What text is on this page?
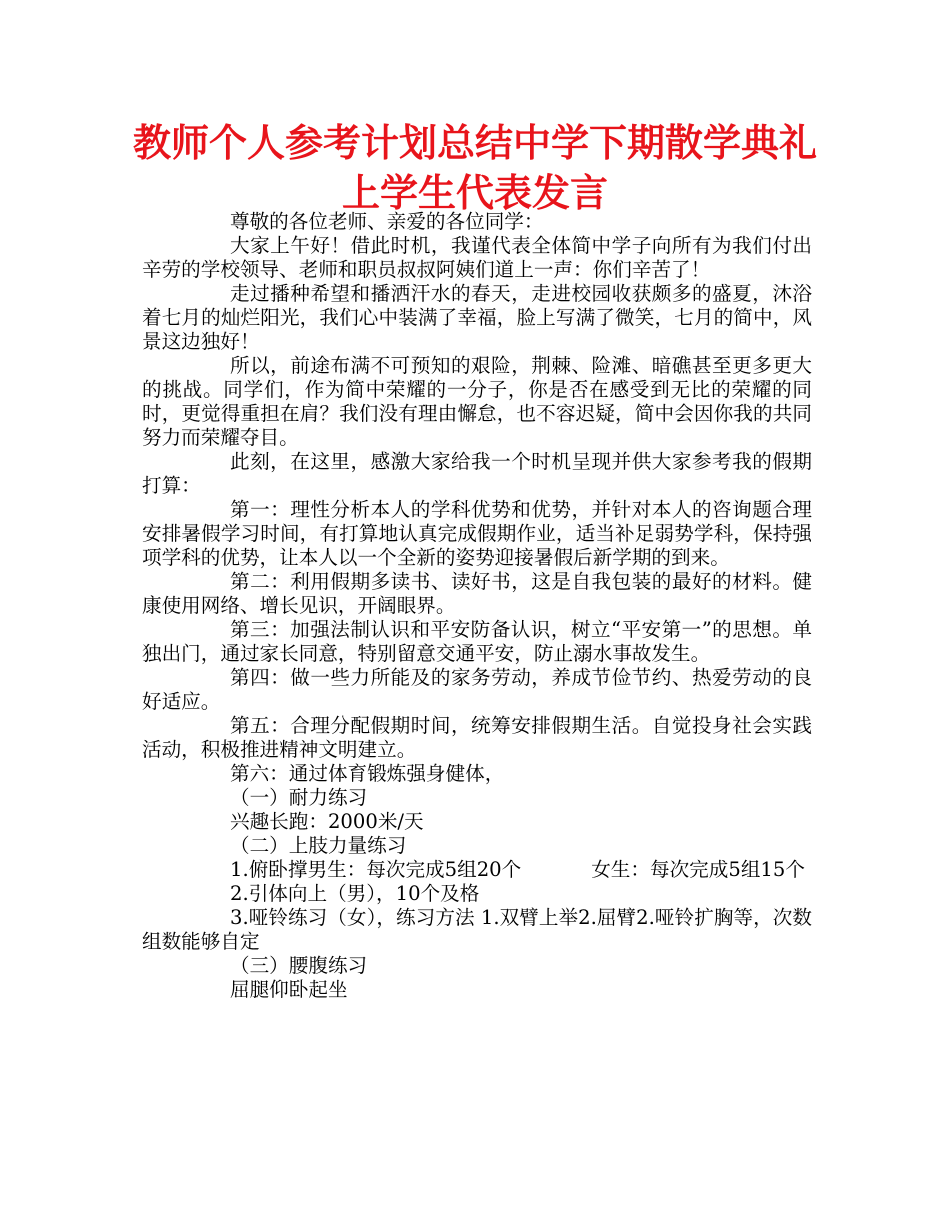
教师个人参考计划总结中学下期散学典礼
上学生代表发言

尊敬的各位老师、亲爱的各位同学：

大家上午好！借此时机，我谨代表全体简中学子向所有为我们付出辛劳的学校领导、老师和职员叔叔阿姨们道上一声：你们辛苦了！

走过播种希望和播洒汗水的春天，走进校园收获颇多的盛夏，沐浴着七月的灿烂阳光，我们心中装满了幸福，脸上写满了微笑，七月的简中，风景这边独好！

所以，前途布满不可预知的艰险，荆棘、险滩、暗礁甚至更多更大的挑战。同学们，作为简中荣耀的一分子，你是否在感受到无比的荣耀的同时，更觉得重担在肩？我们没有理由懈怠，也不容迟疑，简中会因你我的共同努力而荣耀夺目。

此刻，在这里，感激大家给我一个时机呈现并供大家参考我的假期打算：

第一：理性分析本人的学科优势和优势，并针对本人的咨询题合理安排暑假学习时间，有打算地认真完成假期作业，适当补足弱势学科，保持强项学科的优势，让本人以一个全新的姿势迎接暑假后新学期的到来。

第二：利用假期多读书、读好书，这是自我包装的最好的材料。健康使用网络、增长见识，开阔眼界。

第三：加强法制认识和平安防备认识，树立“平安第一”的思想。单独出门，通过家长同意，特别留意交通平安，防止溺水事故发生。

第四：做一些力所能及的家务劳动，养成节俭节约、热爱劳动的良好适应。

第五：合理分配假期时间，统筹安排假期生活。自觉投身社会实践活动，积极推进精神文明建立。

第六：通过体育锻炼强身健体，

（一）耐力练习

兴趣长跑：2000米/天

（二）上肢力量练习

1.俯卧撑男生：每次完成5组20个	女生：每次完成5组15个

2.引体向上（男），10个及格

3.哑铃练习（女），练习方法 1.双臂上举2.屈臂2.哑铃扩胸等，次数组数能够自定

（三）腰腹练习

屈腿仰卧起坐
